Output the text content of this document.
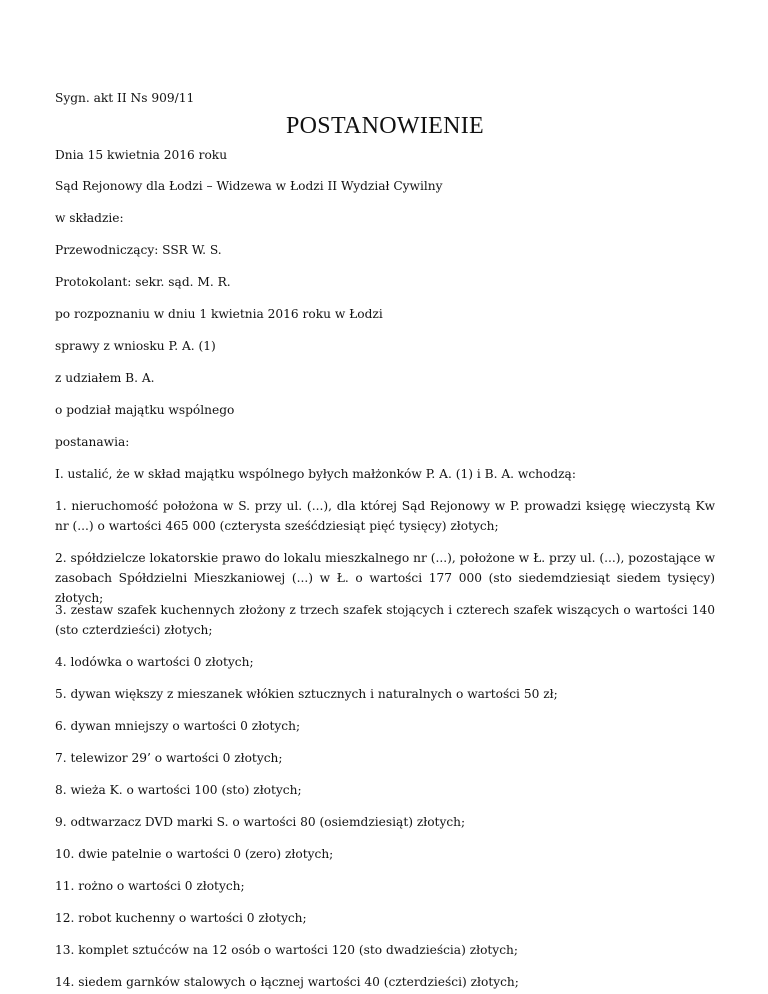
Sygn. akt II Ns 909/11
POSTANOWIENIE
Dnia 15 kwietnia 2016 roku
Sąd Rejonowy dla Łodzi – Widzewa w Łodzi II Wydział Cywilny
w składzie:
Przewodniczący: SSR W. S.
Protokolant: sekr. sąd. M. R.
po rozpoznaniu w dniu 1 kwietnia 2016 roku w Łodzi
sprawy z wniosku P. A. (1)
z udziałem B. A.
o podział majątku wspólnego
postanawia:
I. ustalić, że w skład majątku wspólnego byłych małżonków P. A. (1) i B. A. wchodzą:
1. nieruchomość położona w S. przy ul. (...), dla której Sąd Rejonowy w P. prowadzi księgę wieczystą Kw nr (...) o wartości 465 000 (czterysta sześćdziesiąt pięć tysięcy) złotych;
2. spółdzielcze lokatorskie prawo do lokalu mieszkalnego nr (...), położone w Ł. przy ul. (...), pozostające w zasobach Spółdzielni Mieszkaniowej (...) w Ł. o wartości 177 000 (sto siedemdziesiąt siedem tysięcy) złotych;
3. zestaw szafek kuchennych złożony z trzech szafek stojących i czterech szafek wiszących o wartości 140 (sto czterdzieści) złotych;
4. lodówka o wartości 0 złotych;
5. dywan większy z mieszanek włókien sztucznych i naturalnych o wartości 50 zł;
6. dywan mniejszy o wartości 0 złotych;
7. telewizor 29’ o wartości 0 złotych;
8. wieża K. o wartości 100 (sto) złotych;
9. odtwarzacz DVD marki S. o wartości 80 (osiemdziesiąt) złotych;
10. dwie patelnie o wartości 0 (zero) złotych;
11. rożno o wartości 0 złotych;
12. robot kuchenny o wartości 0 złotych;
13. komplet sztućców na 12 osób o wartości 120 (sto dwadzieścia) złotych;
14. siedem garnków stalowych o łącznej wartości 40 (czterdzieści) złotych;
